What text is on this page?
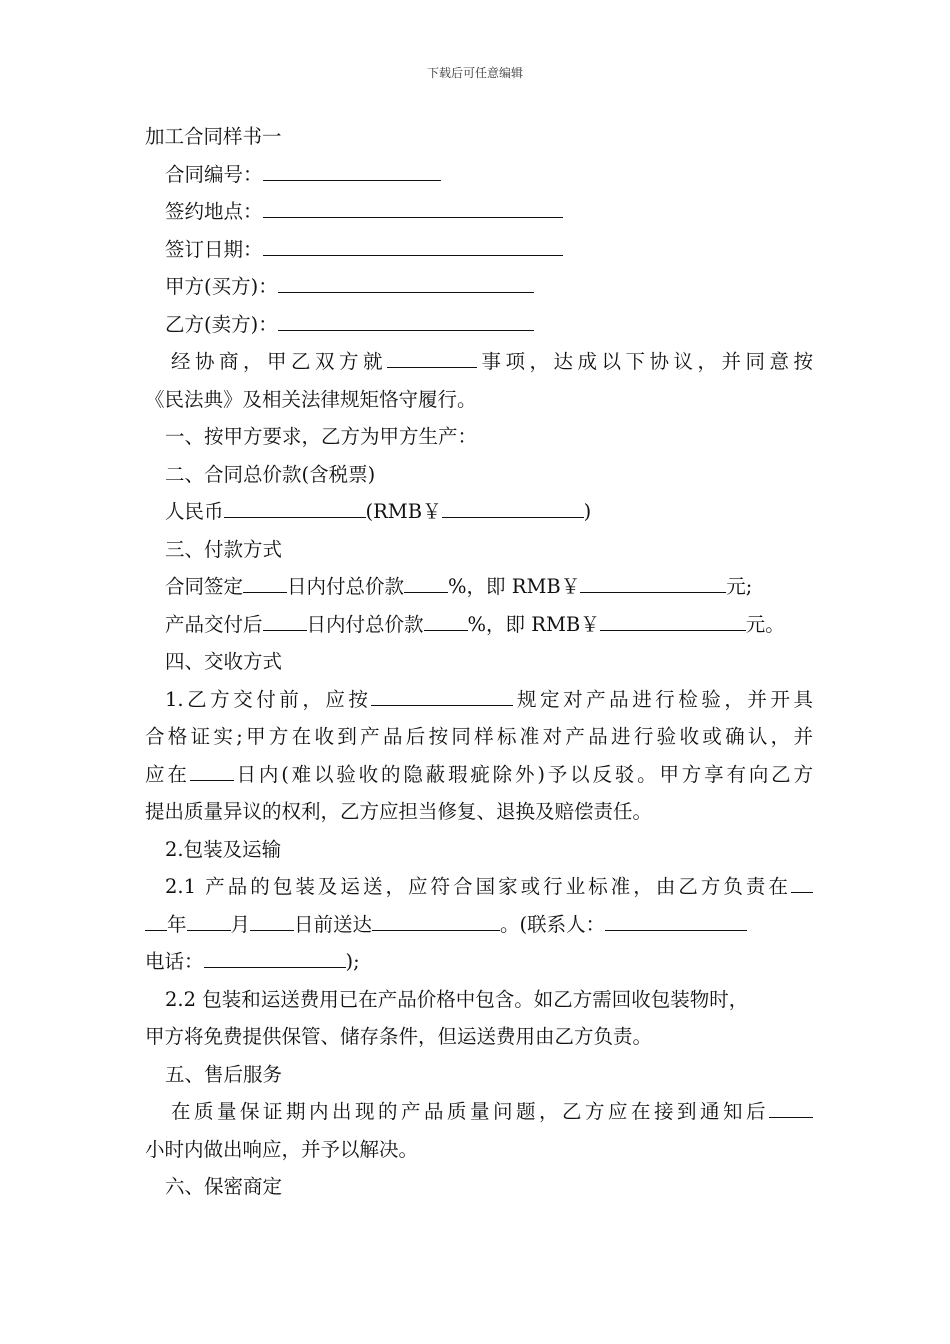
下载后可任意编辑
加工合同样书一
合同编号：
签约地点：
签订日期：
甲方(买方)：
乙方(卖方)：
经协商，甲乙双方就	事项，达成以下协议，并同意按
《民法典》及相关法律规矩恪守履行。
一、按甲方要求，乙方为甲方生产：
二、合同总价款(含税票)
人民币	(RMB￥	)
三、付款方式
合同签定 日内付总价款 %，即 RMB￥	元;
产品交付后 日内付总价款 %，即 RMB￥	元。
四、交收方式
1.乙方交付前，应按	规定对产品进行检验，并开具
合格证实;甲方在收到产品后按同样标准对产品进行验收或确认，并
应在 日内(难以验收的隐蔽瑕疵除外)予以反驳。甲方享有向乙方
提出质量异议的权利，乙方应担当修复、退换及赔偿责任。
2.包装及运输
2.1 产品的包装及运送，应符合国家或行业标准，由乙方负责在
年 月 日前送达	。(联系人：
电话：	);
2.2 包装和运送费用已在产品价格中包含。如乙方需回收包装物时，
甲方将免费提供保管、储存条件，但运送费用由乙方负责。
五、售后服务
在质量保证期内出现的产品质量问题，乙方应在接到通知后
小时内做出响应，并予以解决。
六、保密商定
